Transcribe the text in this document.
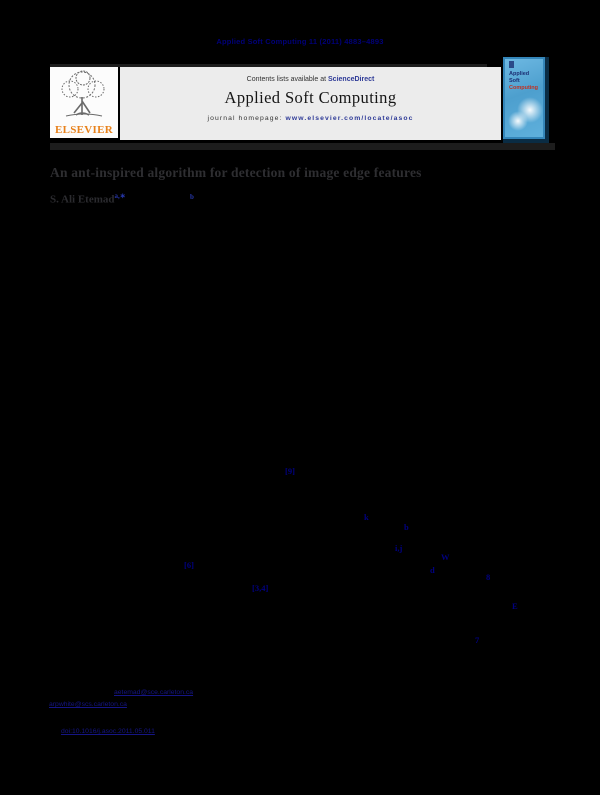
Applied Soft Computing 11 (2011) 4883–4893
ELSEVIER
Contents lists available at ScienceDirect
Applied Soft Computing
journal homepage: www.elsevier.com/locate/asoc
Applied
Soft
Computing
An ant-inspired algorithm for detection of image edge features
S. Ali Etemad$^{a,∗}$	b
[9]
k
b
i,j
W
d
8
[6]
[3,4]
E
7
aetemad@sce.carleton.ca
arpwhite@scs.carleton.ca
doi:10.1016/j.asoc.2011.05.011
